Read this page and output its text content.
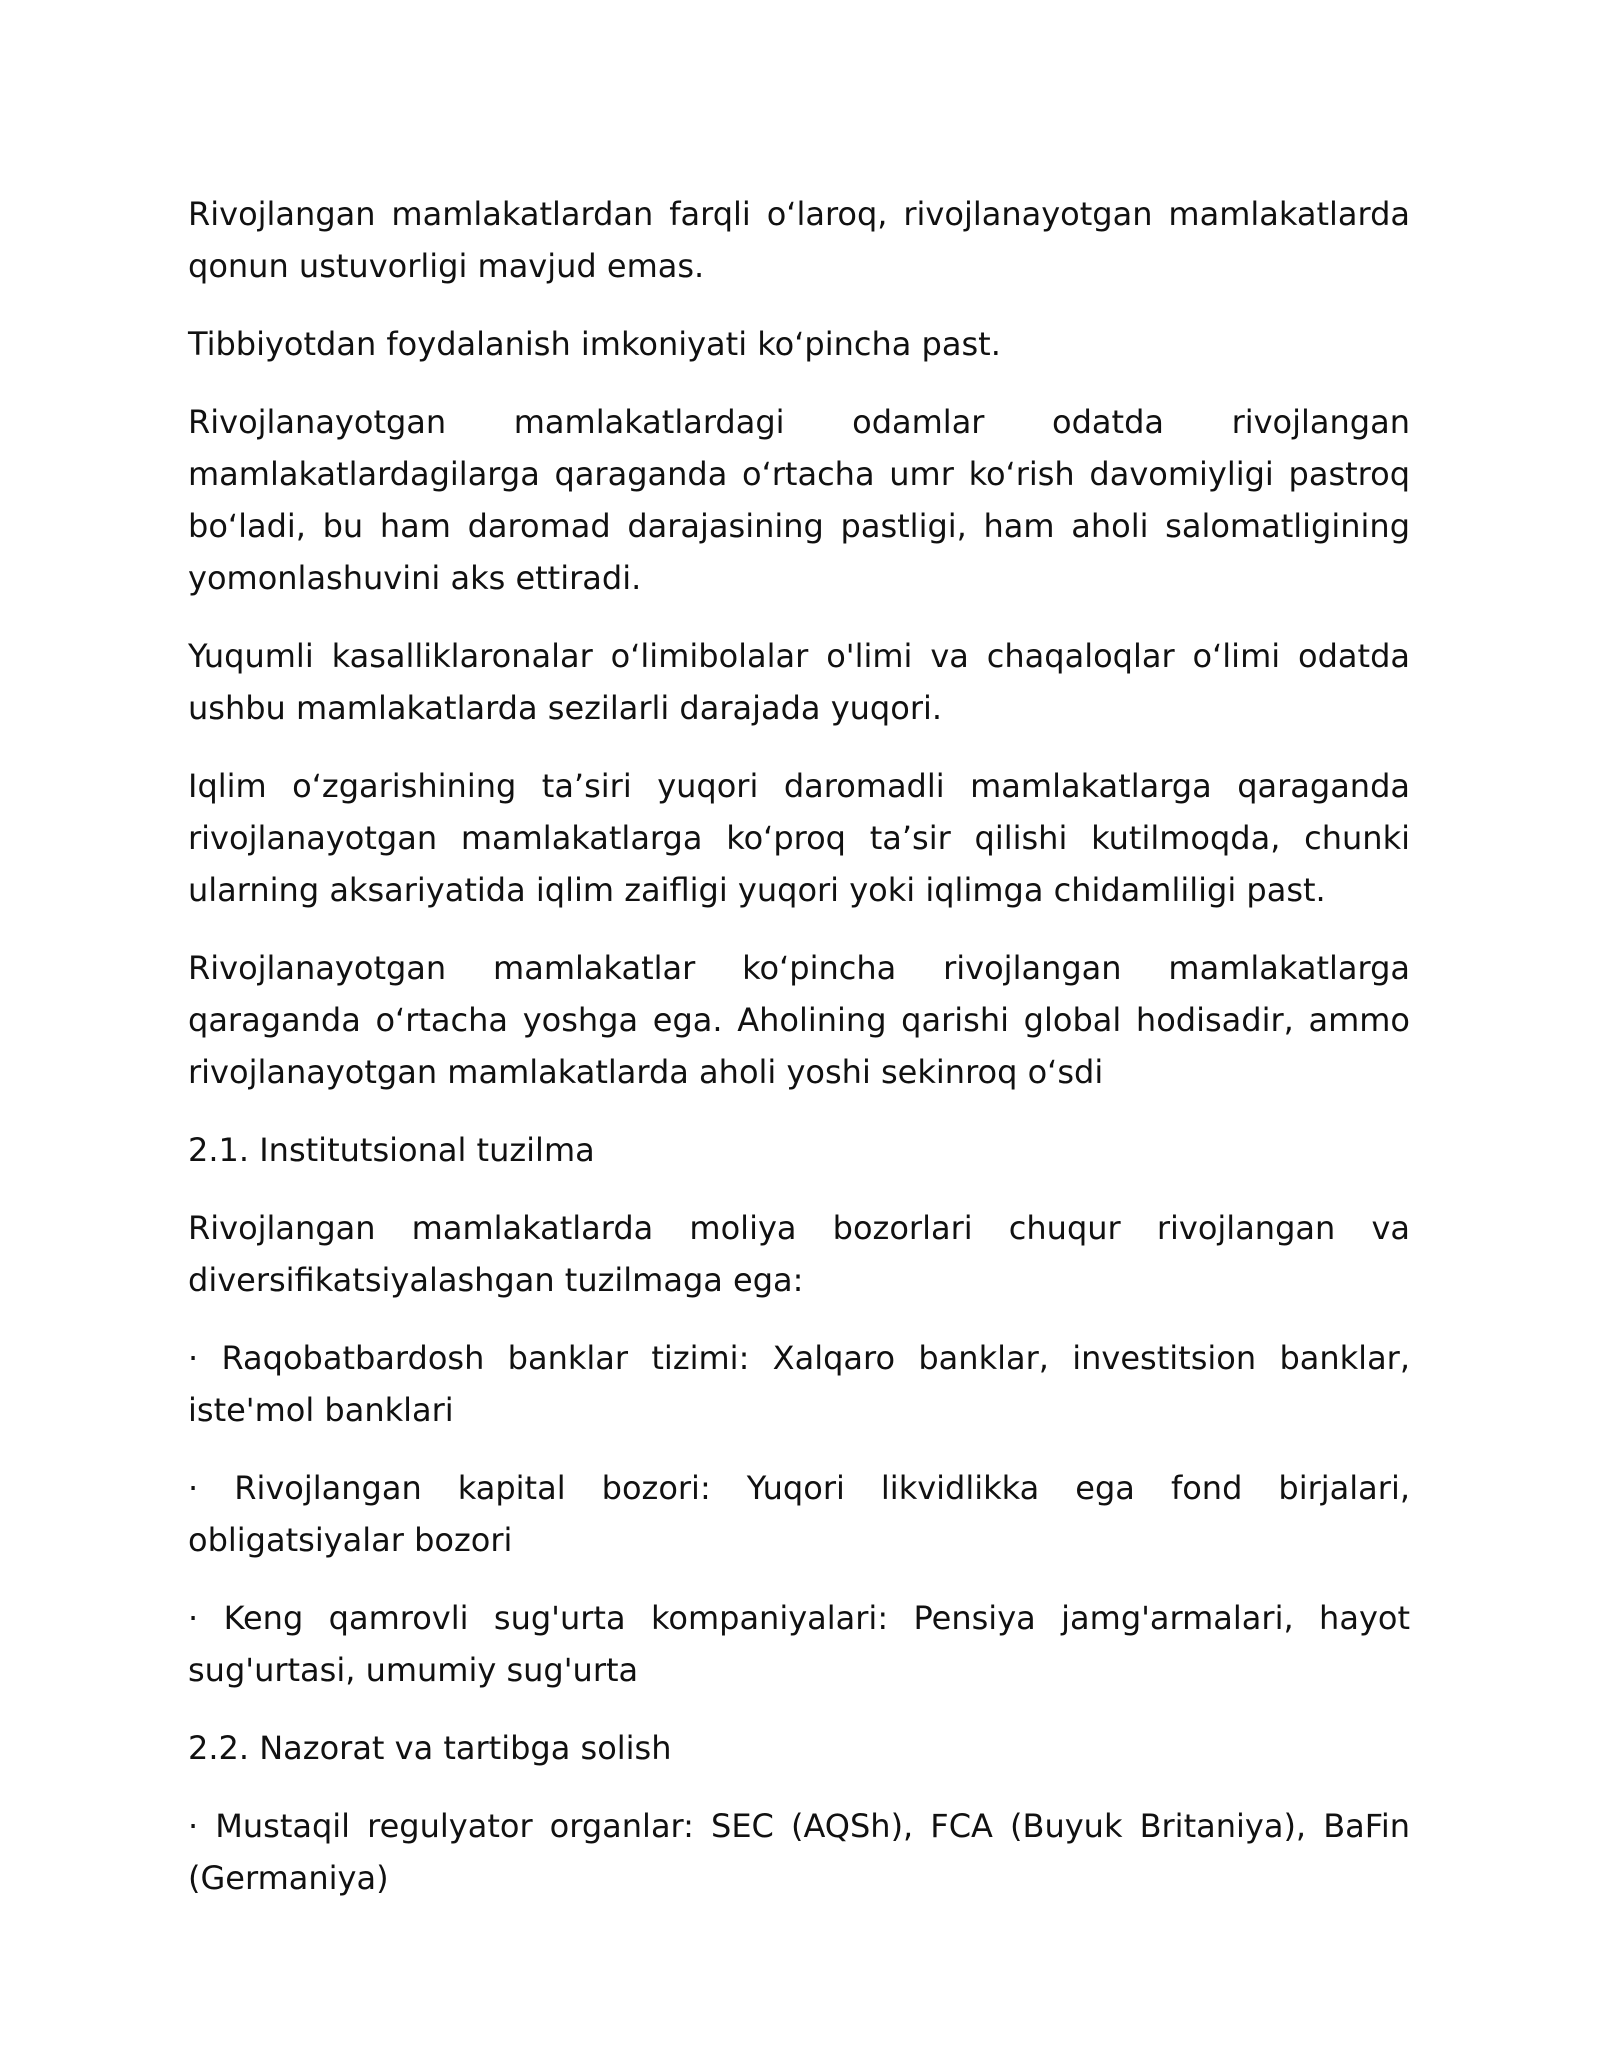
Rivojlangan mamlakatlardan farqli oʻlaroq, rivojlanayotgan mamlakatlarda qonun ustuvorligi mavjud emas.

Tibbiyotdan foydalanish imkoniyati koʻpincha past.

Rivojlanayotgan mamlakatlardagi odamlar odatda rivojlangan mamlakatlardagilarga qaraganda oʻrtacha umr koʻrish davomiyligi pastroq boʻladi, bu ham daromad darajasining pastligi, ham aholi salomatligining yomonlashuvini aks ettiradi.

Yuqumli kasalliklaronalar oʻlimibolalar o'limi va chaqaloqlar oʻlimi odatda ushbu mamlakatlarda sezilarli darajada yuqori.

Iqlim oʻzgarishining taʼsiri yuqori daromadli mamlakatlarga qaraganda rivojlanayotgan mamlakatlarga koʻproq taʼsir qilishi kutilmoqda, chunki ularning aksariyatida iqlim zaifligi yuqori yoki iqlimga chidamliligi past.

Rivojlanayotgan mamlakatlar koʻpincha rivojlangan mamlakatlarga qaraganda oʻrtacha yoshga ega. Aholining qarishi global hodisadir, ammo rivojlanayotgan mamlakatlarda aholi yoshi sekinroq oʻsdi

2.1. Institutsional tuzilma

Rivojlangan mamlakatlarda moliya bozorlari chuqur rivojlangan va diversifikatsiyalashgan tuzilmaga ega:

· Raqobatbardosh banklar tizimi: Xalqaro banklar, investitsion banklar, iste'mol banklari

· Rivojlangan kapital bozori: Yuqori likvidlikka ega fond birjalari, obligatsiyalar bozori

· Keng qamrovli sug'urta kompaniyalari: Pensiya jamg'armalari, hayot sug'urtasi, umumiy sug'urta

2.2. Nazorat va tartibga solish

· Mustaqil regulyator organlar: SEC (AQSh), FCA (Buyuk Britaniya), BaFin (Germaniya)
